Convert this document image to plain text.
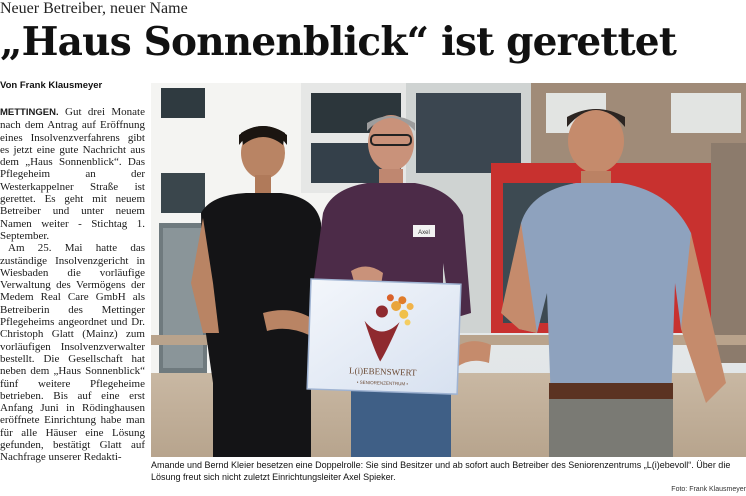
Neuer Betreiber, neuer Name
„Haus Sonnenblick“ ist gerettet
Von Frank Klausmeyer

METTINGEN. Gut drei Monate nach dem Antrag auf Eröffnung eines Insolvenzverfahrens gibt es jetzt eine gute Nachricht aus dem „Haus Sonnenblick“. Das Pflegeheim an der Westerkappelner Straße ist gerettet. Es geht mit neuem Betreiber und unter neuem Namen weiter - Stichtag 1. September.

Am 25. Mai hatte das zuständige Insolvenzgericht in Wiesbaden die vorläufige Verwaltung des Vermögens der Medem Real Care GmbH als Betreiberin des Mettinger Pflegeheims angeordnet und Dr. Christoph Glatt (Mainz) zum vorläufigen Insolvenzverwalter bestellt. Die Gesellschaft hat neben dem „Haus Sonnenblick“ fünf weitere Pflegeheime betrieben. Bis auf eine erst Anfang Juni in Rödinghausen eröffnete Einrichtung habe man für alle Häuser eine Lösung gefunden, bestätigt Glatt auf Nachfrage unserer Redakti-

Axel
L(i)EBENSWERT
• SENIORENZENTRUM •
Amande und Bernd Kleier besetzen eine Doppelrolle: Sie sind Besitzer und ab sofort auch Betreiber des Seniorenzentrums „L(i)ebevoll“. Über die Lösung freut sich nicht zuletzt Einrichtungsleiter Axel Spieker.
Foto: Frank Klausmeyer
